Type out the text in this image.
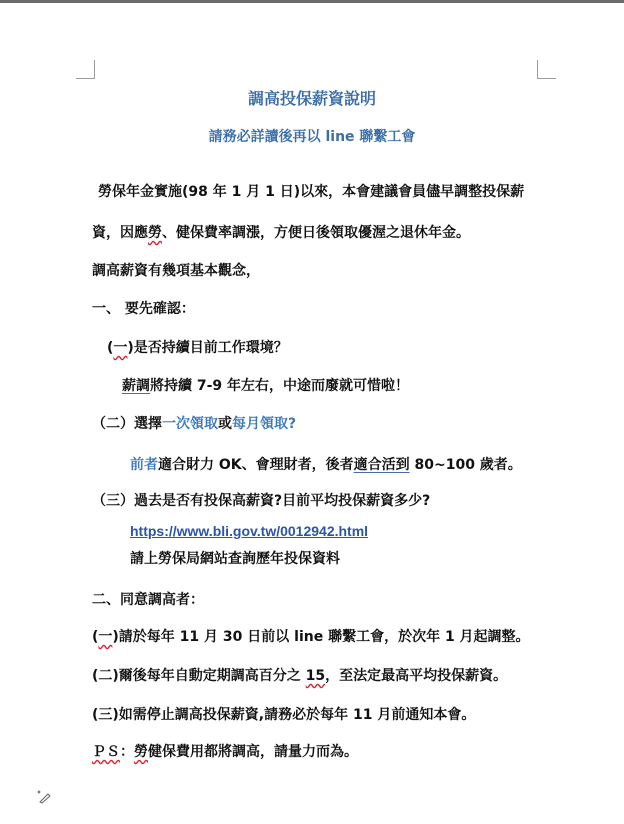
調高投保薪資說明
請務必詳讀後再以 line 聯繫工會
勞保年金實施(98 年 1 月 1 日)以來，本會建議會員儘早調整投保薪
資，因應勞、健保費率調漲，方便日後領取優渥之退休年金。
調高薪資有幾項基本觀念，
一、 要先確認：
(一)是否持續目前工作環境？
薪調將持續 7-9 年左右，中途而廢就可惜啦！
（二）選擇一次領取或每月領取?
前者適合財力 OK、會理財者，後者適合活到 80~100 歲者。
（三）過去是否有投保高薪資?目前平均投保薪資多少?
https://www.bli.gov.tw/0012942.html
請上勞保局網站查詢歷年投保資料
二、同意調高者：
(一)請於每年 11 月 30 日前以 line 聯繫工會，於次年 1 月起調整。
(二)爾後每年自動定期調高百分之 15，至法定最高平均投保薪資。
(三)如需停止調高投保薪資,請務必於每年 11 月前通知本會。
ＰＳ：勞健保費用都將調高，請量力而為。
